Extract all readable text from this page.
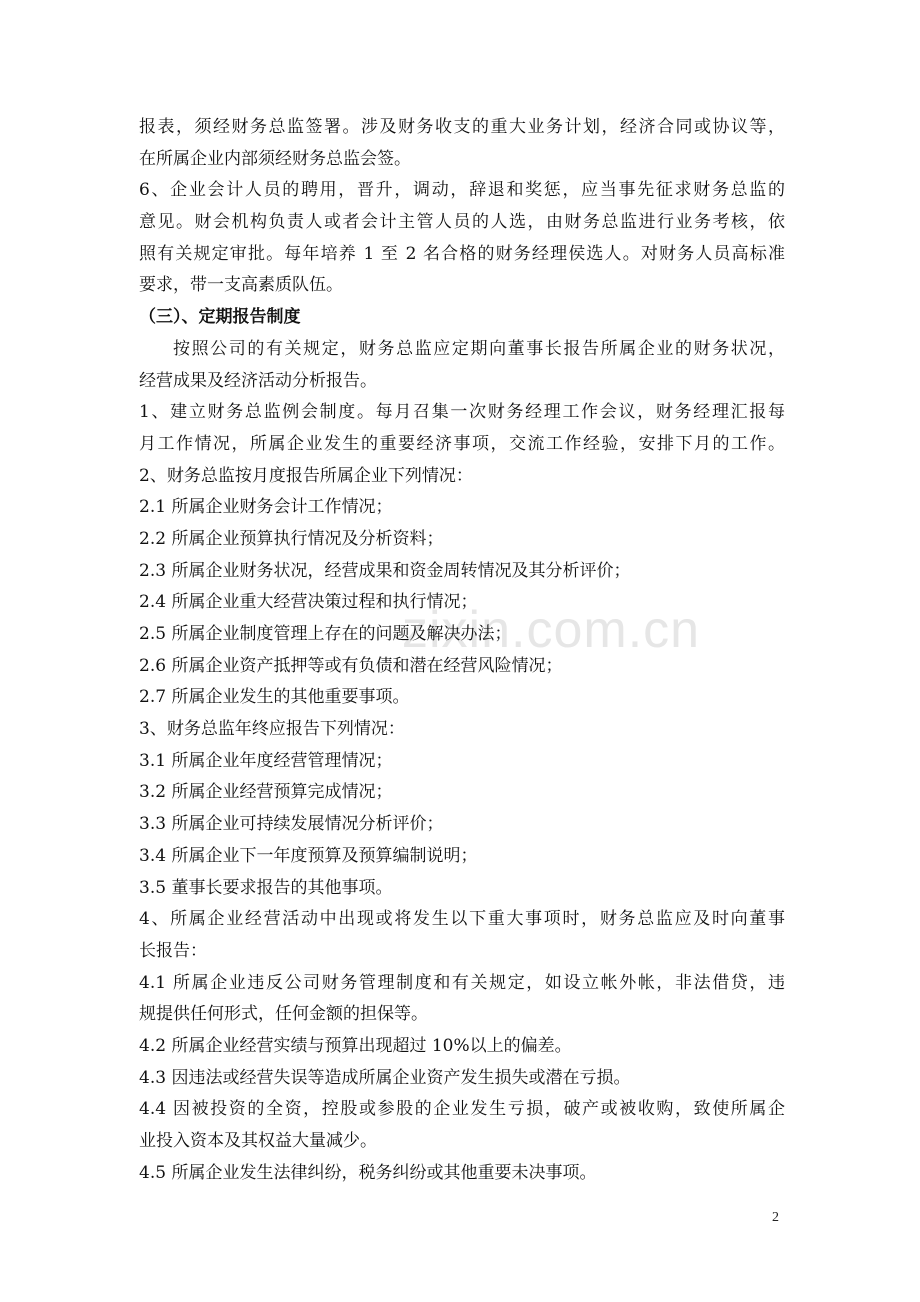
zixin.com.cn
报表，须经财务总监签署。涉及财务收支的重大业务计划，经济合同或协议等，
在所属企业内部须经财务总监会签。
6、企业会计人员的聘用，晋升，调动，辞退和奖惩，应当事先征求财务总监的
意见。财会机构负责人或者会计主管人员的人选，由财务总监进行业务考核，依
照有关规定审批。每年培养 1 至 2 名合格的财务经理侯选人。对财务人员高标准
要求，带一支高素质队伍。
（三）、定期报告制度
按照公司的有关规定，财务总监应定期向董事长报告所属企业的财务状况，
经营成果及经济活动分析报告。
1、建立财务总监例会制度。每月召集一次财务经理工作会议，财务经理汇报每
月工作情况，所属企业发生的重要经济事项，交流工作经验，安排下月的工作。
2、财务总监按月度报告所属企业下列情况：
2.1 所属企业财务会计工作情况；
2.2 所属企业预算执行情况及分析资料；
2.3 所属企业财务状况，经营成果和资金周转情况及其分析评价；
2.4 所属企业重大经营决策过程和执行情况；
2.5 所属企业制度管理上存在的问题及解决办法；
2.6 所属企业资产抵押等或有负债和潜在经营风险情况；
2.7 所属企业发生的其他重要事项。
3、财务总监年终应报告下列情况：
3.1 所属企业年度经营管理情况；
3.2 所属企业经营预算完成情况；
3.3 所属企业可持续发展情况分析评价；
3.4 所属企业下一年度预算及预算编制说明；
3.5 董事长要求报告的其他事项。
4、所属企业经营活动中出现或将发生以下重大事项时，财务总监应及时向董事
长报告：
4.1 所属企业违反公司财务管理制度和有关规定，如设立帐外帐，非法借贷，违
规提供任何形式，任何金额的担保等。
4.2 所属企业经营实绩与预算出现超过 10%以上的偏差。
4.3 因违法或经营失误等造成所属企业资产发生损失或潜在亏损。
4.4 因被投资的全资，控股或参股的企业发生亏损，破产或被收购，致使所属企
业投入资本及其权益大量减少。
4.5 所属企业发生法律纠纷，税务纠纷或其他重要未决事项。
2
